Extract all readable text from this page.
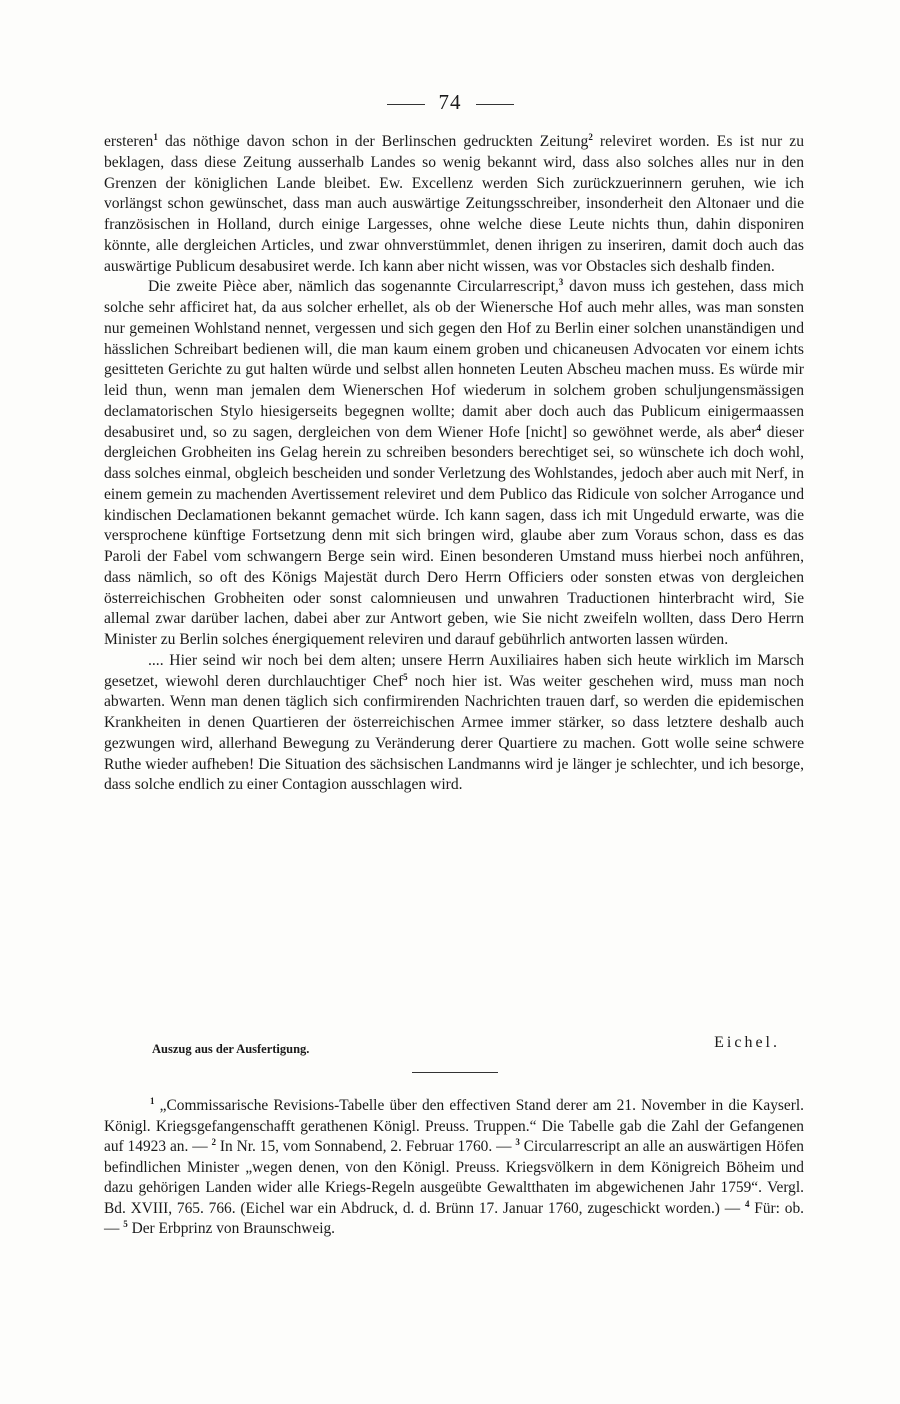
74

ersteren$^1$ das nöthige davon schon in der Berlinschen gedruckten Zeitung$^2$ releviret worden. Es ist nur zu beklagen, dass diese Zeitung ausserhalb Landes so wenig bekannt wird, dass also solches alles nur in den Grenzen der königlichen Lande bleibet. Ew. Excellenz werden Sich zurückzuerinnern geruhen, wie ich vorlängst schon gewünschet, dass man auch auswärtige Zeitungsschreiber, insonderheit den Altonaer und die französischen in Holland, durch einige Largesses, ohne welche diese Leute nichts thun, dahin disponiren könnte, alle dergleichen Articles, und zwar ohnverstümmlet, denen ihrigen zu inseriren, damit doch auch das auswärtige Publicum desabusiret werde. Ich kann aber nicht wissen, was vor Obstacles sich deshalb finden.

Die zweite Pièce aber, nämlich das sogenannte Circularrescript,$^3$ davon muss ich gestehen, dass mich solche sehr afficiret hat, da aus solcher erhellet, als ob der Wienersche Hof auch mehr alles, was man sonsten nur gemeinen Wohlstand nennet, vergessen und sich gegen den Hof zu Berlin einer solchen unanständigen und hässlichen Schreibart bedienen will, die man kaum einem groben und chicaneusen Advocaten vor einem ichts gesitteten Gerichte zu gut halten würde und selbst allen honneten Leuten Abscheu machen muss. Es würde mir leid thun, wenn man jemalen dem Wienerschen Hof wiederum in solchem groben schuljungensmässigen declamatorischen Stylo hiesigerseits begegnen wollte; damit aber doch auch das Publicum einigermaassen desabusiret und, so zu sagen, dergleichen von dem Wiener Hofe [nicht] so gewöhnet werde, als aber$^4$ dieser dergleichen Grobheiten ins Gelag herein zu schreiben besonders berechtiget sei, so wünschete ich doch wohl, dass solches einmal, obgleich bescheiden und sonder Verletzung des Wohlstandes, jedoch aber auch mit Nerf, in einem gemein zu machenden Avertissement releviret und dem Publico das Ridicule von solcher Arrogance und kindischen Declamationen bekannt gemachet würde. Ich kann sagen, dass ich mit Ungeduld erwarte, was die versprochene künftige Fortsetzung denn mit sich bringen wird, glaube aber zum Voraus schon, dass es das Paroli der Fabel vom schwangern Berge sein wird. Einen besonderen Umstand muss hierbei noch anführen, dass nämlich, so oft des Königs Majestät durch Dero Herrn Officiers oder sonsten etwas von dergleichen österreichischen Grobheiten oder sonst calomnieusen und unwahren Traductionen hinterbracht wird, Sie allemal zwar darüber lachen, dabei aber zur Antwort geben, wie Sie nicht zweifeln wollten, dass Dero Herrn Minister zu Berlin solches énergiquement releviren und darauf gebührlich antworten lassen würden.

.... Hier seind wir noch bei dem alten; unsere Herrn Auxiliaires haben sich heute wirklich im Marsch gesetzet, wiewohl deren durchlauchtiger Chef$^5$ noch hier ist. Was weiter geschehen wird, muss man noch abwarten. Wenn man denen täglich sich confirmirenden Nachrichten trauen darf, so werden die epidemischen Krankheiten in denen Quartieren der österreichischen Armee immer stärker, so dass letztere deshalb auch gezwungen wird, allerhand Bewegung zu Veränderung derer Quartiere zu machen. Gott wolle seine schwere Ruthe wieder aufheben! Die Situation des sächsischen Landmanns wird je länger je schlechter, und ich besorge, dass solche endlich zu einer Contagion ausschlagen wird.

Auszug aus der Ausfertigung.	Eichel.

$^1$ „Commissarische Revisions-Tabelle über den effectiven Stand derer am 21. November in die Kayserl. Königl. Kriegsgefangenschafft gerathenen Königl. Preuss. Truppen.“ Die Tabelle gab die Zahl der Gefangenen auf 14923 an. — $^2$ In Nr. 15, vom Sonnabend, 2. Februar 1760. — $^3$ Circularrescript an alle an auswärtigen Höfen befindlichen Minister „wegen denen, von den Königl. Preuss. Kriegsvölkern in dem Königreich Böheim und dazu gehörigen Landen wider alle Kriegs-Regeln ausgeübte Gewaltthaten im abgewichenen Jahr 1759“. Vergl. Bd. XVIII, 765. 766. (Eichel war ein Abdruck, d. d. Brünn 17. Januar 1760, zugeschickt worden.) — $^4$ Für: ob. — $^5$ Der Erbprinz von Braunschweig.
